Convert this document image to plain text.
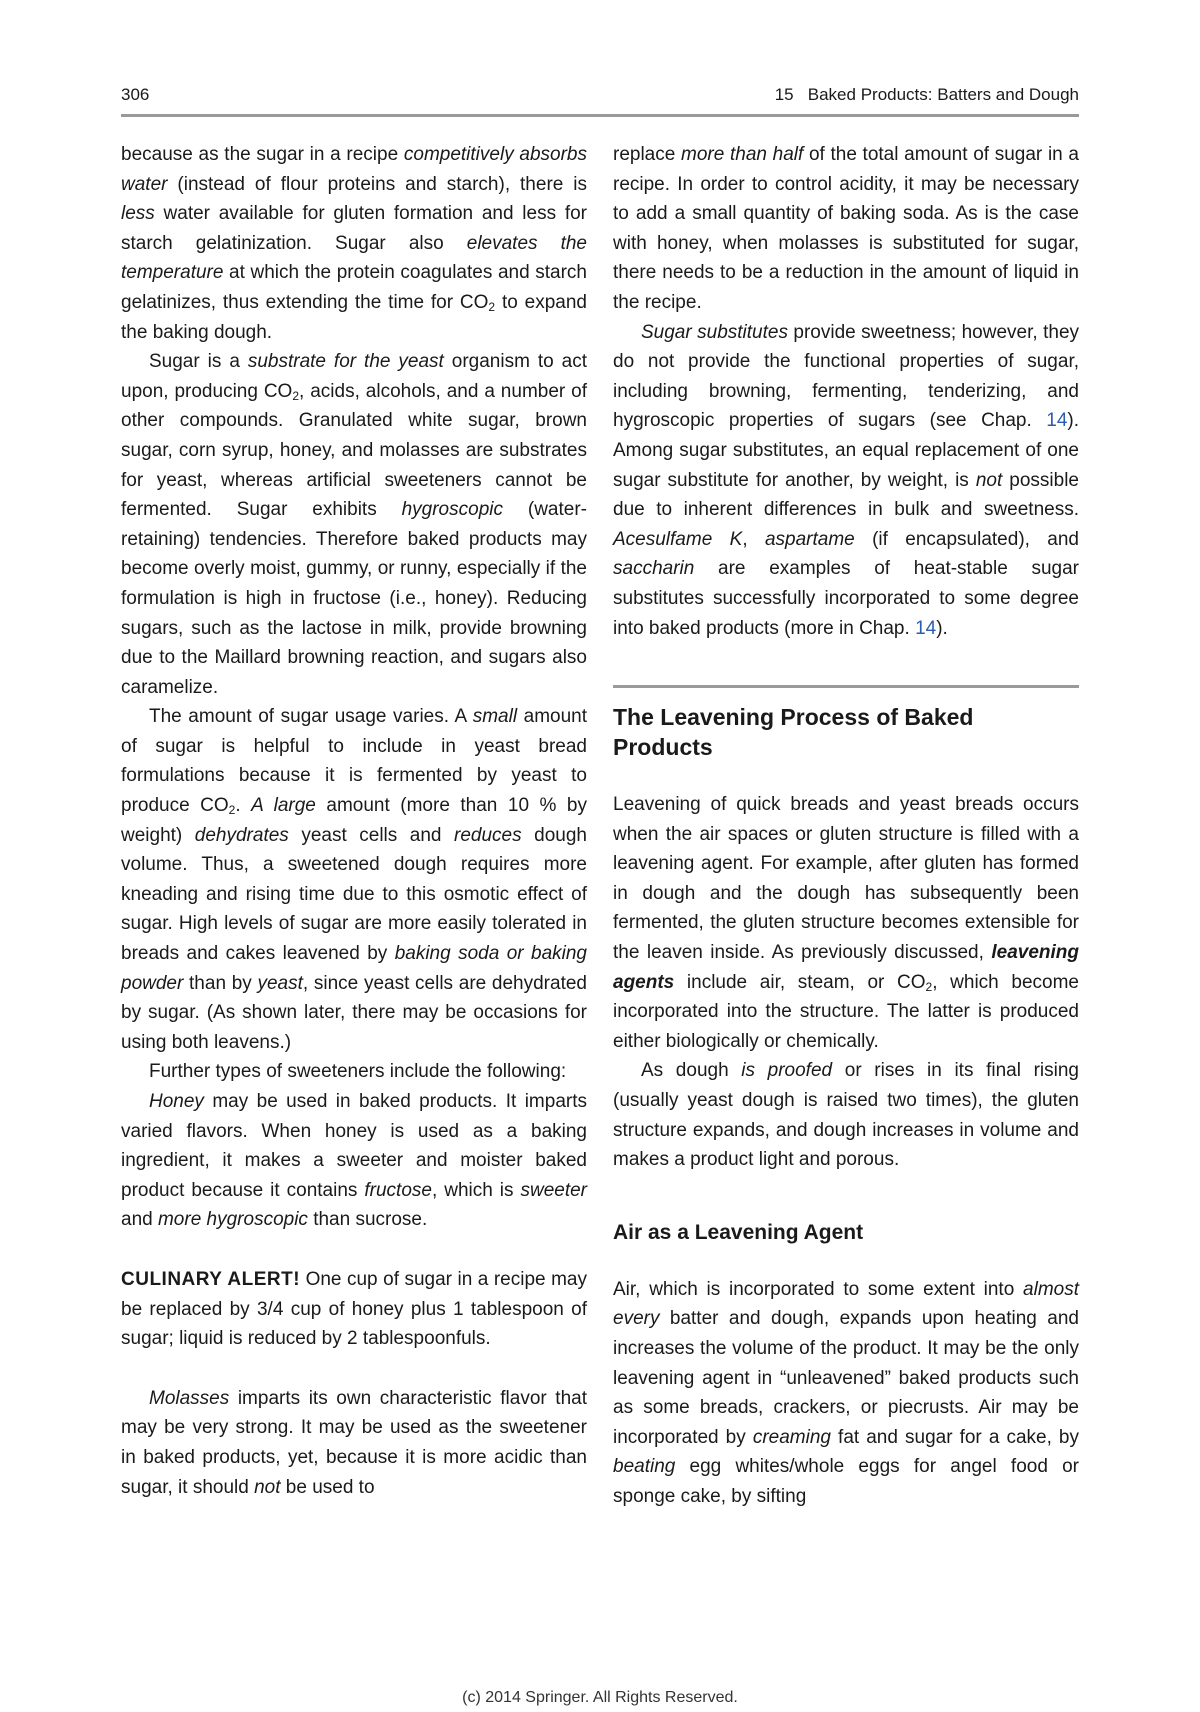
306	15   Baked Products: Batters and Dough

because as the sugar in a recipe competitively absorbs water (instead of flour proteins and starch), there is less water available for gluten formation and less for starch gelatinization. Sugar also elevates the temperature at which the protein coagulates and starch gelatinizes, thus extending the time for $CO_2$ to expand the baking dough.

Sugar is a substrate for the yeast organism to act upon, producing $CO_2$, acids, alcohols, and a number of other compounds. Granulated white sugar, brown sugar, corn syrup, honey, and molasses are substrates for yeast, whereas artificial sweeteners cannot be fermented. Sugar exhibits hygroscopic (water-retaining) tendencies. Therefore baked products may become overly moist, gummy, or runny, especially if the formulation is high in fructose (i.e., honey). Reducing sugars, such as the lactose in milk, provide browning due to the Maillard browning reaction, and sugars also caramelize.

The amount of sugar usage varies. A small amount of sugar is helpful to include in yeast bread formulations because it is fermented by yeast to produce $CO_2$. A large amount (more than 10 % by weight) dehydrates yeast cells and reduces dough volume. Thus, a sweetened dough requires more kneading and rising time due to this osmotic effect of sugar. High levels of sugar are more easily tolerated in breads and cakes leavened by baking soda or baking powder than by yeast, since yeast cells are dehydrated by sugar. (As shown later, there may be occasions for using both leavens.)

Further types of sweeteners include the following:

Honey may be used in baked products. It imparts varied flavors. When honey is used as a baking ingredient, it makes a sweeter and moister baked product because it contains fructose, which is sweeter and more hygroscopic than sucrose.

CULINARY ALERT! One cup of sugar in a recipe may be replaced by 3/4 cup of honey plus 1 tablespoon of sugar; liquid is reduced by 2 tablespoonfuls.

Molasses imparts its own characteristic flavor that may be very strong. It may be used as the sweetener in baked products, yet, because it is more acidic than sugar, it should not be used to

replace more than half of the total amount of sugar in a recipe. In order to control acidity, it may be necessary to add a small quantity of baking soda. As is the case with honey, when molasses is substituted for sugar, there needs to be a reduction in the amount of liquid in the recipe.

Sugar substitutes provide sweetness; however, they do not provide the functional properties of sugar, including browning, fermenting, tenderizing, and hygroscopic properties of sugars (see Chap. 14). Among sugar substitutes, an equal replacement of one sugar substitute for another, by weight, is not possible due to inherent differences in bulk and sweetness. Acesulfame K, aspartame (if encapsulated), and saccharin are examples of heat-stable sugar substitutes successfully incorporated to some degree into baked products (more in Chap. 14).

The Leavening Process of Baked Products

Leavening of quick breads and yeast breads occurs when the air spaces or gluten structure is filled with a leavening agent. For example, after gluten has formed in dough and the dough has subsequently been fermented, the gluten structure becomes extensible for the leaven inside. As previously discussed, leavening agents include air, steam, or $CO_2$, which become incorporated into the structure. The latter is produced either biologically or chemically.

As dough is proofed or rises in its final rising (usually yeast dough is raised two times), the gluten structure expands, and dough increases in volume and makes a product light and porous.

Air as a Leavening Agent

Air, which is incorporated to some extent into almost every batter and dough, expands upon heating and increases the volume of the product. It may be the only leavening agent in “unleavened” baked products such as some breads, crackers, or piecrusts. Air may be incorporated by creaming fat and sugar for a cake, by beating egg whites/whole eggs for angel food or sponge cake, by sifting

(c) 2014 Springer. All Rights Reserved.
